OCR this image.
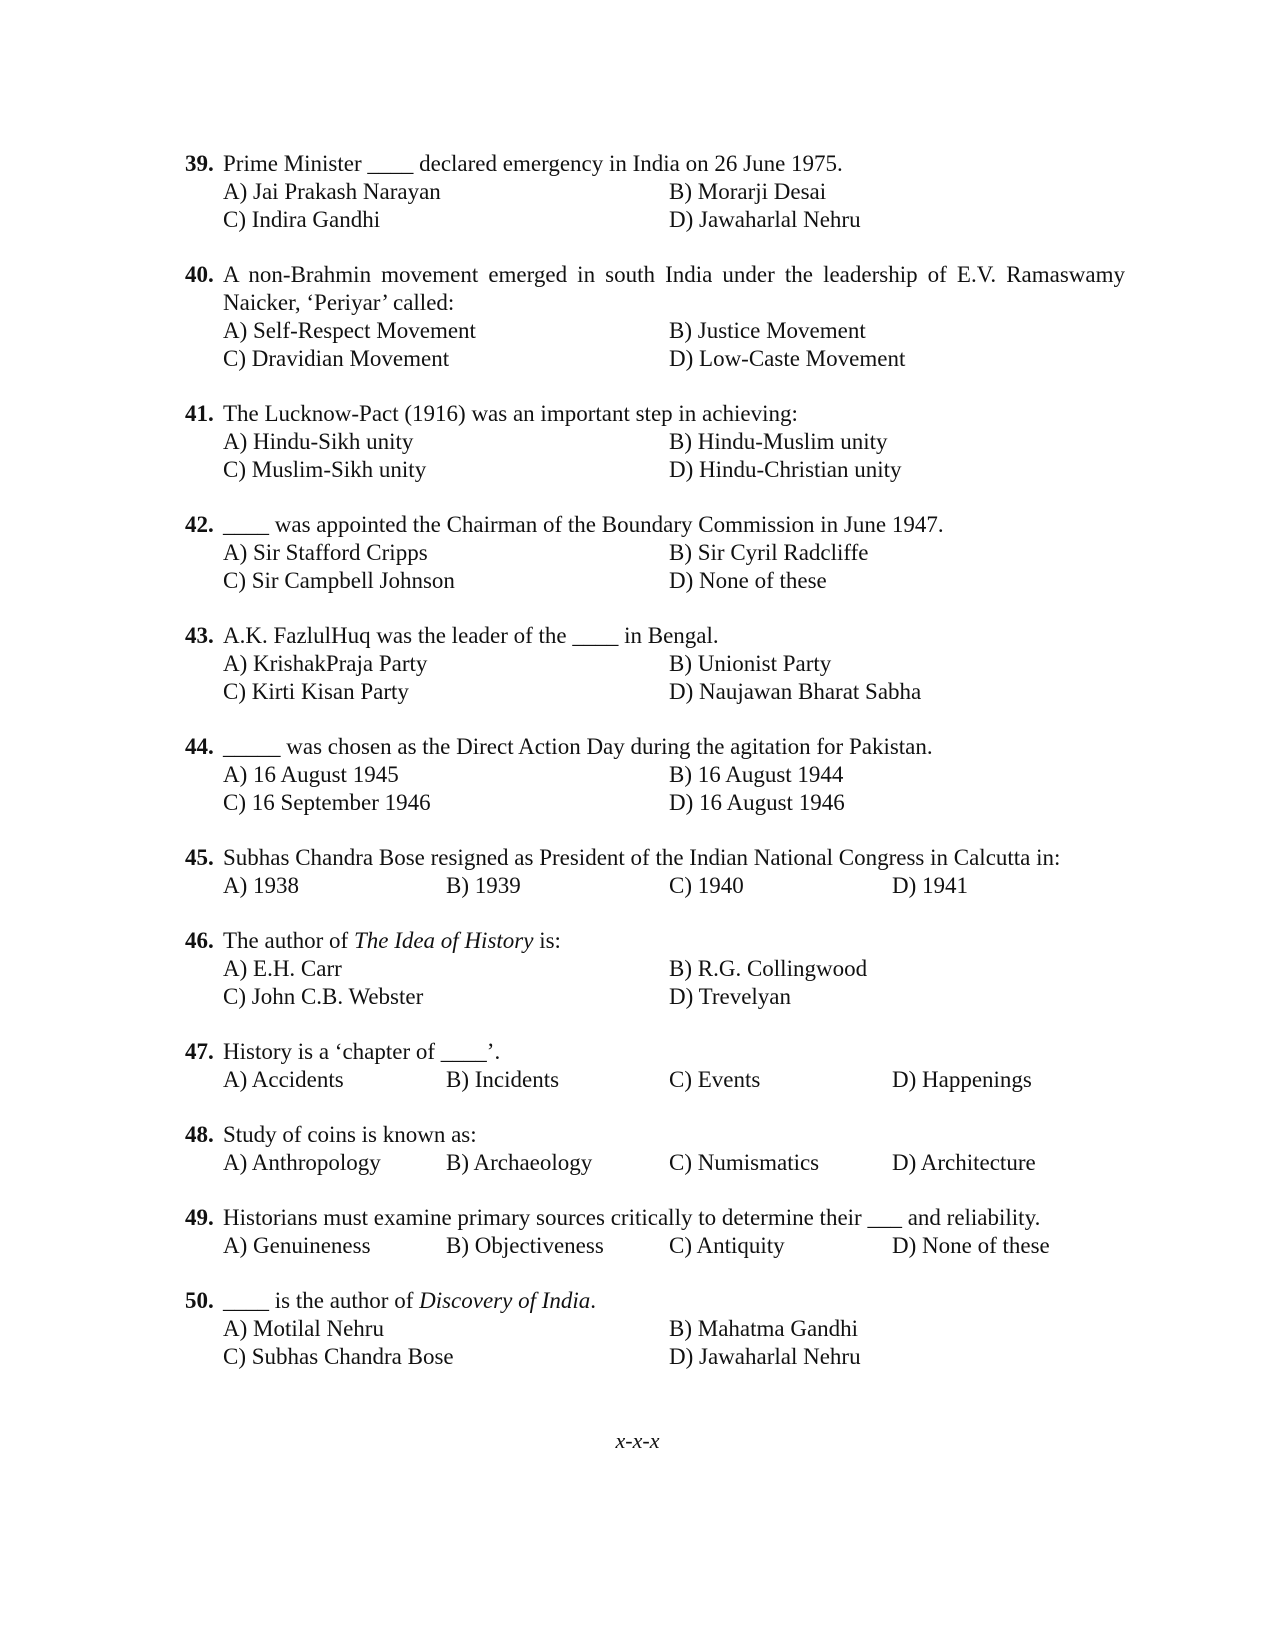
39. Prime Minister ____ declared emergency in India on 26 June 1975.
A) Jai Prakash Narayan	B) Morarji Desai
C) Indira Gandhi	D) Jawaharlal Nehru
40. A non-Brahmin movement emerged in south India under the leadership of E.V. Ramaswamy Naicker, ‘Periyar’ called:
A) Self-Respect Movement	B) Justice Movement
C) Dravidian Movement	D) Low-Caste Movement
41. The Lucknow-Pact (1916) was an important step in achieving:
A) Hindu-Sikh unity	B) Hindu-Muslim unity
C) Muslim-Sikh unity	D) Hindu-Christian unity
42. ____ was appointed the Chairman of the Boundary Commission in June 1947.
A) Sir Stafford Cripps	B) Sir Cyril Radcliffe
C) Sir Campbell Johnson	D) None of these
43. A.K. FazlulHuq was the leader of the ____ in Bengal.
A) KrishakPraja Party	B) Unionist Party
C) Kirti Kisan Party	D) Naujawan Bharat Sabha
44. _____ was chosen as the Direct Action Day during the agitation for Pakistan.
A) 16 August 1945	B) 16 August 1944
C) 16 September 1946	D) 16 August 1946
45. Subhas Chandra Bose resigned as President of the Indian National Congress in Calcutta in:
A) 1938	B) 1939	C) 1940	D) 1941
46. The author of The Idea of History is:
A) E.H. Carr	B) R.G. Collingwood
C) John C.B. Webster	D) Trevelyan
47. History is a ‘chapter of ____’.
A) Accidents	B) Incidents	C) Events	D) Happenings
48. Study of coins is known as:
A) Anthropology	B) Archaeology	C) Numismatics	D) Architecture
49. Historians must examine primary sources critically to determine their ___ and reliability.
A) Genuineness	B) Objectiveness	C) Antiquity	D) None of these
50. ____ is the author of Discovery of India.
A) Motilal Nehru	B) Mahatma Gandhi
C) Subhas Chandra Bose	D) Jawaharlal Nehru
x-x-x
